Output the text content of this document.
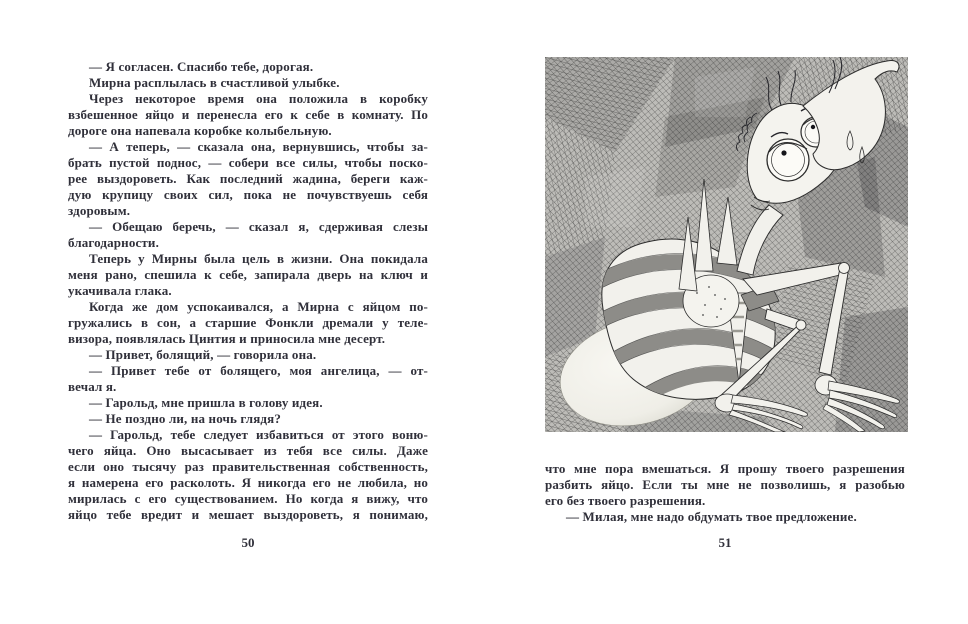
— Я согласен. Спасибо тебе, дорогая.
Мирна расплылась в счастливой улыбке.
Через некоторое время она положила в коробку
взбешенное яйцо и перенесла его к себе в комнату. По
дороге она напевала коробке колыбельную.
— А теперь, — сказала она, вернувшись, чтобы за-
брать пустой поднос, — собери все силы, чтобы поско-
рее выздороветь. Как последний жадина, береги каж-
дую крупицу своих сил, пока не почувствуешь себя
здоровым.
— Обещаю беречь, — сказал я, сдерживая слезы
благодарности.
Теперь у Мирны была цель в жизни. Она покидала
меня рано, спешила к себе, запирала дверь на ключ и
укачивала глака.
Когда же дом успокаивался, а Мирна с яйцом по-
гружались в сон, а старшие Фонкли дремали у теле-
визора, появлялась Цинтия и приносила мне десерт.
— Привет, болящий, — говорила она.
— Привет тебе от болящего, моя ангелица, — от-
вечал я.
— Гарольд, мне пришла в голову идея.
— Не поздно ли, на ночь глядя?
— Гарольд, тебе следует избавиться от этого воню-
чего яйца. Оно высасывает из тебя все силы. Даже
если оно тысячу раз правительственная собственность,
я намерена его расколоть. Я никогда его не любила, но
мирилась с его существованием. Но когда я вижу, что
яйцо тебе вредит и мешает выздороветь, я понимаю,
50
что мне пора вмешаться. Я прошу твоего разрешения
разбить яйцо. Если ты мне не позволишь, я разобью
его без твоего разрешения.
— Милая, мне надо обдумать твое предложение.
51
